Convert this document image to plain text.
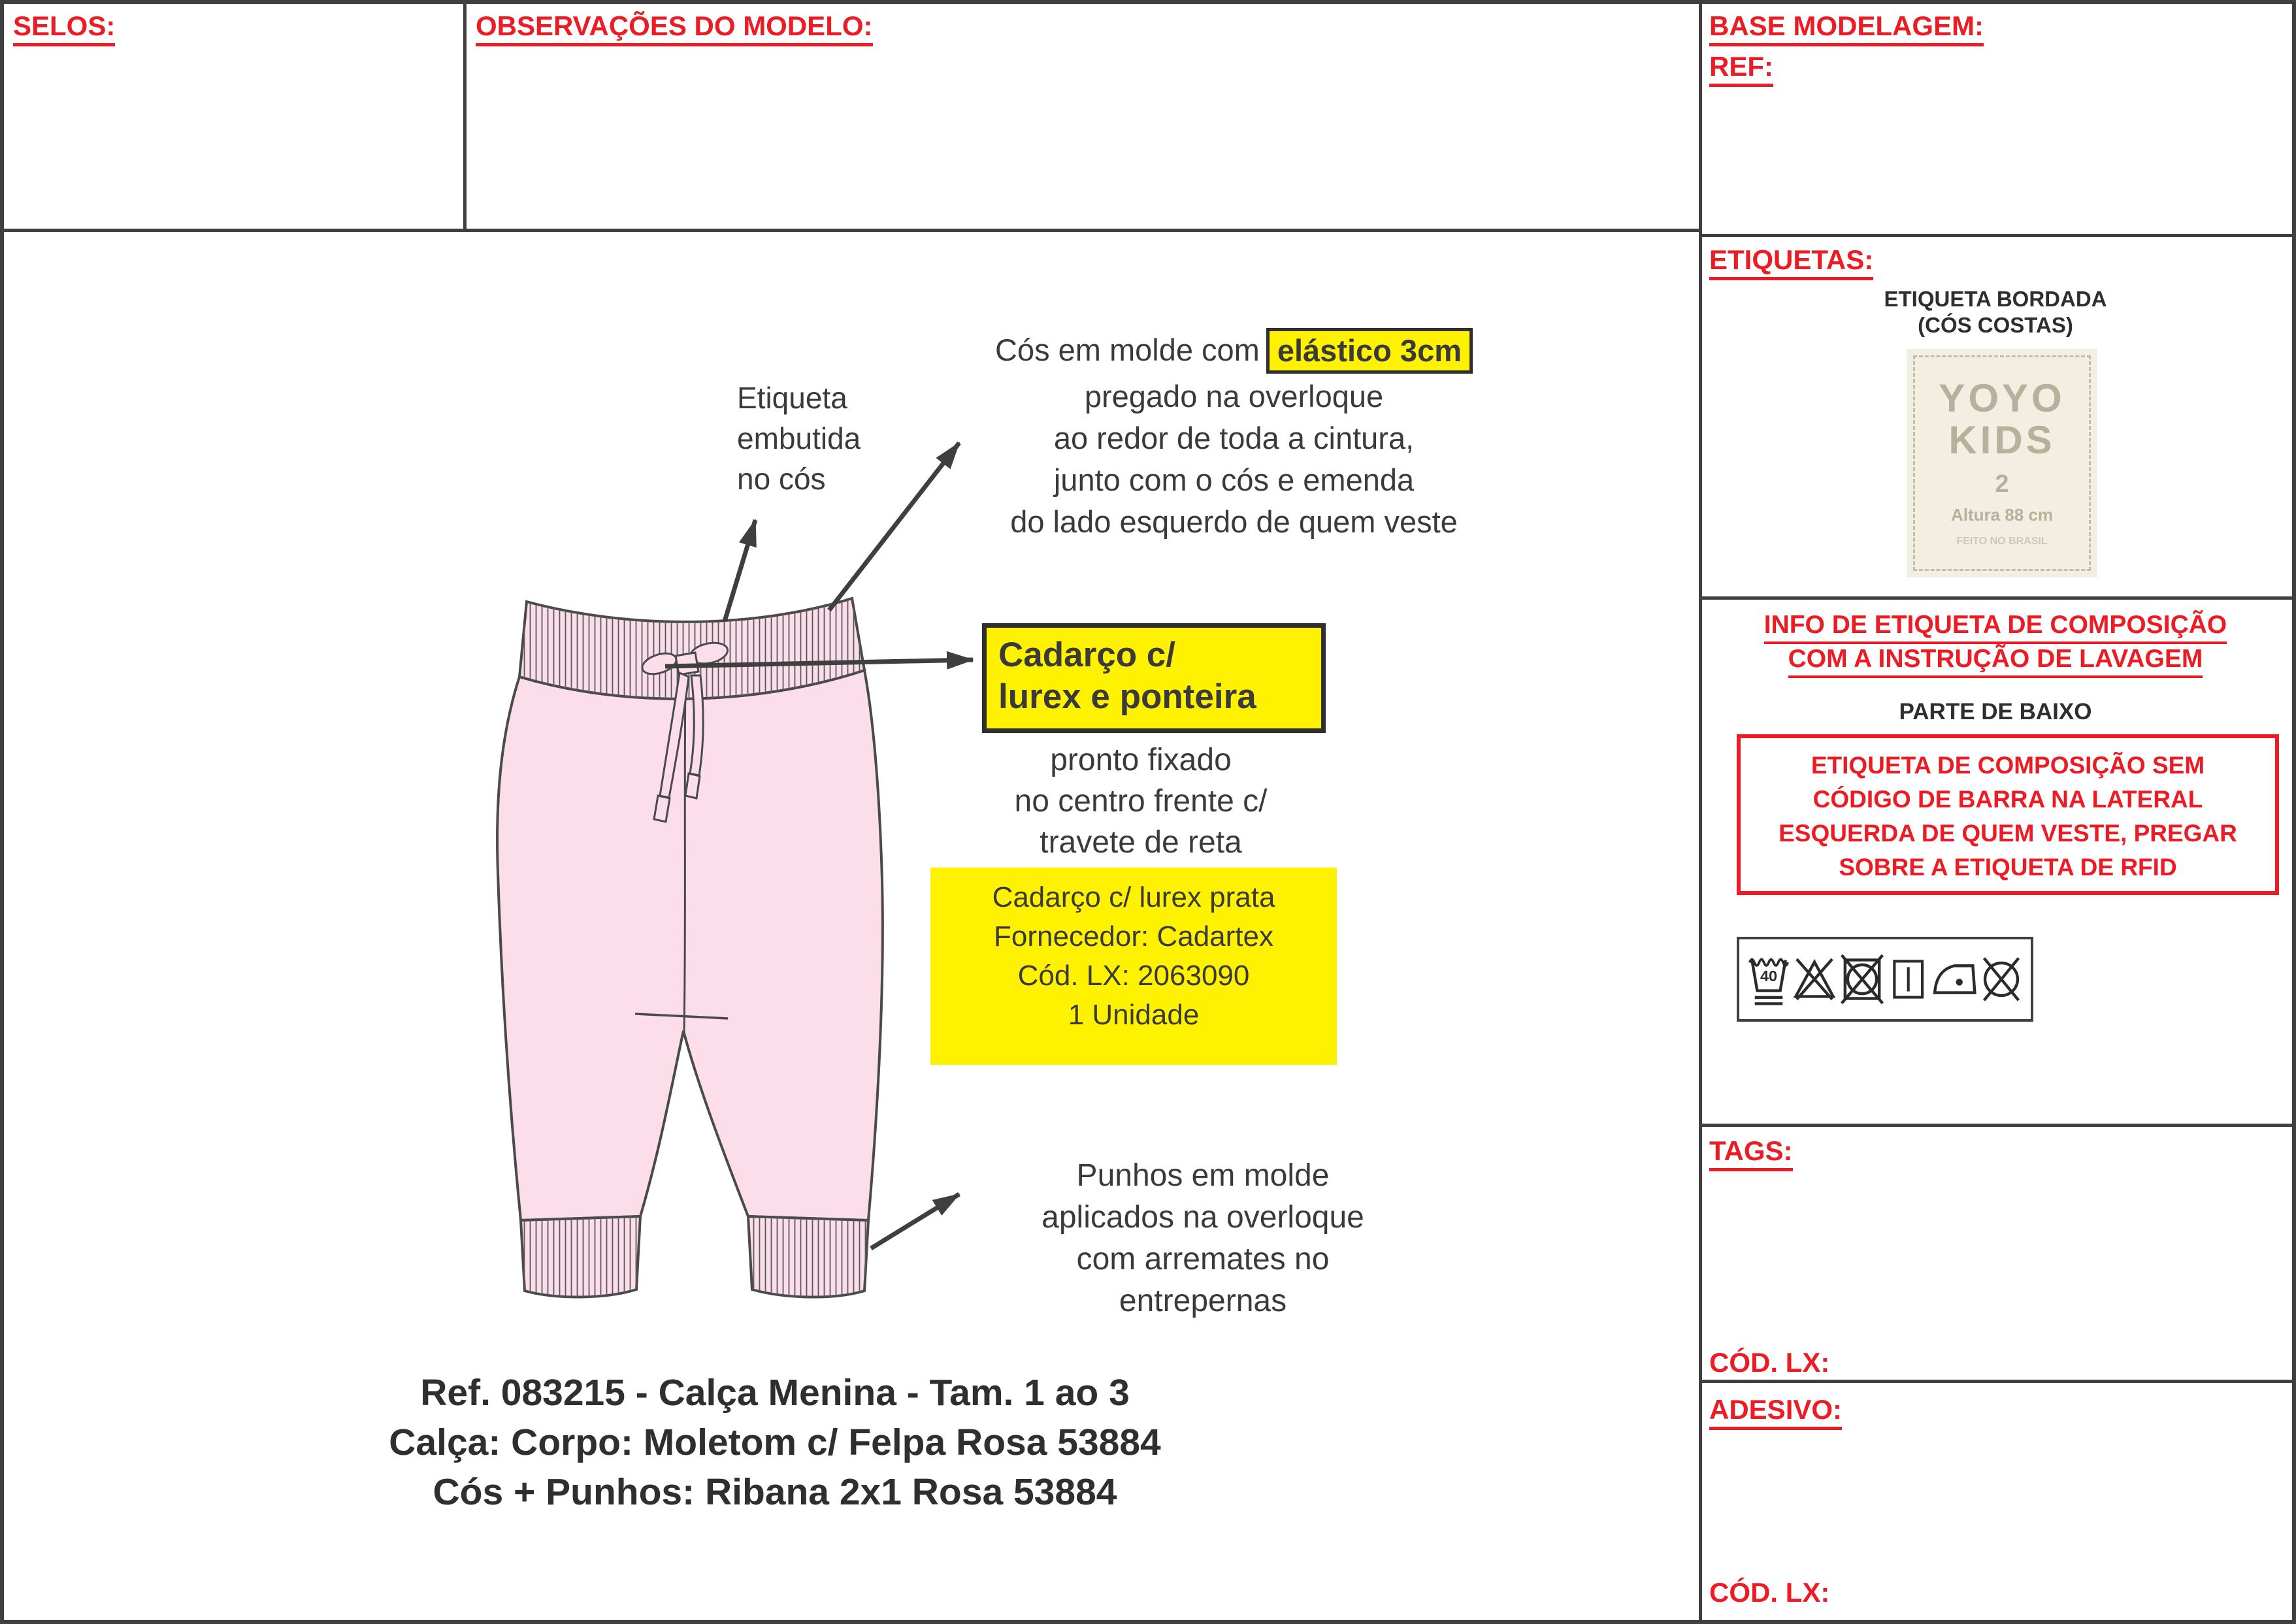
SELOS:	OBSERVAÇÕES DO MODELO:	BASE MODELAGEM:
REF:
Etiqueta
embutida
no cós
Cós em molde com elástico 3cm
pregado na overloque
ao redor de toda a cintura,
junto com o cós e emenda
do lado esquerdo de quem veste
Cadarço c/
lurex e ponteira
pronto fixado
no centro frente c/
travete de reta
Cadarço c/ lurex prata
Fornecedor: Cadartex
Cód. LX: 2063090
1 Unidade
Punhos em molde
aplicados na overloque
com arremates no
entrepernas
Ref. 083215 - Calça Menina - Tam. 1 ao 3
Calça: Corpo: Moletom c/ Felpa Rosa 53884
Cós + Punhos: Ribana 2x1 Rosa 53884
ETIQUETAS:
ETIQUETA BORDADA
(CÓS COSTAS)
YOYO
KIDS
2
Altura 88 cm
FEITO NO BRASIL
INFO DE ETIQUETA DE COMPOSIÇÃO
COM A INSTRUÇÃO DE LAVAGEM
PARTE DE BAIXO
ETIQUETA DE COMPOSIÇÃO SEM
CÓDIGO DE BARRA NA LATERAL
ESQUERDA DE QUEM VESTE, PREGAR
SOBRE A ETIQUETA DE RFID
40
TAGS:
CÓD. LX:
ADESIVO:
CÓD. LX:
